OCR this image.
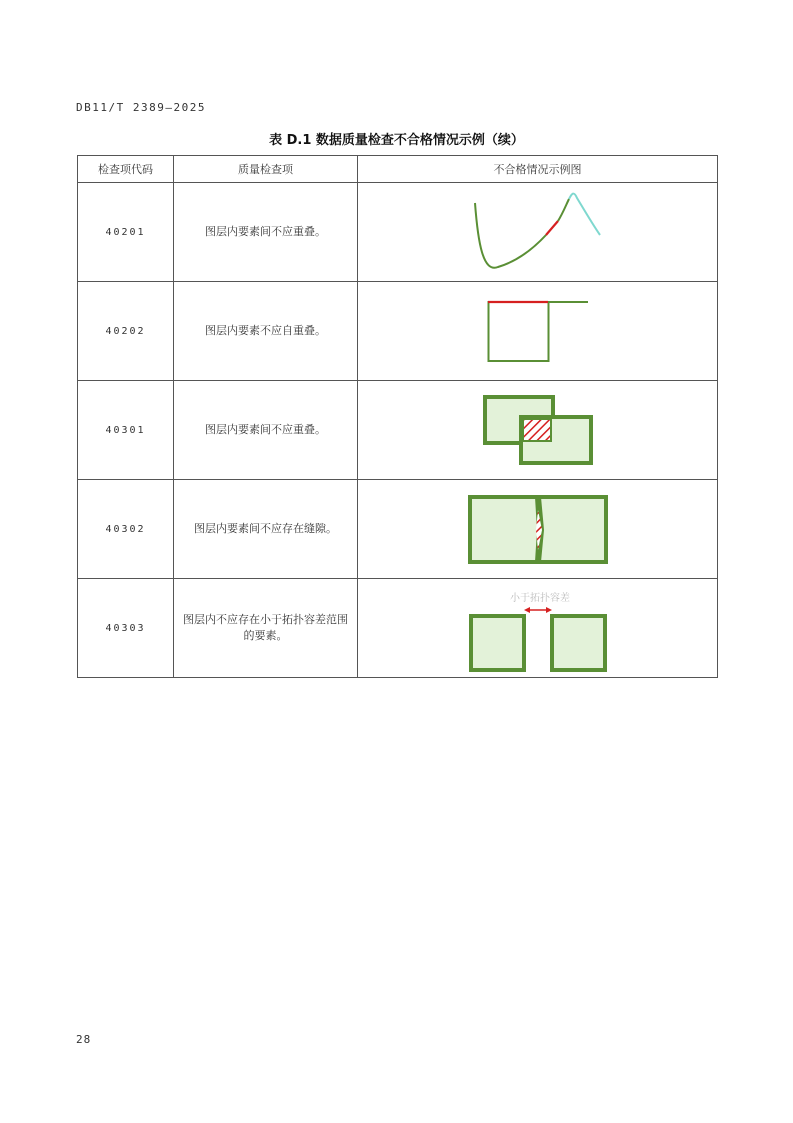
DB11/T 2389—2025
表 D.1 数据质量检查不合格情况示例（续）
检查项代码	质量检查项	不合格情况示例图
40201	图层内要素间不应重叠。	

40202	图层内要素不应自重叠。	

40301	图层内要素间不应重叠。	

40302	图层内要素间不应存在缝隙。	

40303	图层内不应存在小于拓扑容差范围的要素。	小于拓扑容差
28
